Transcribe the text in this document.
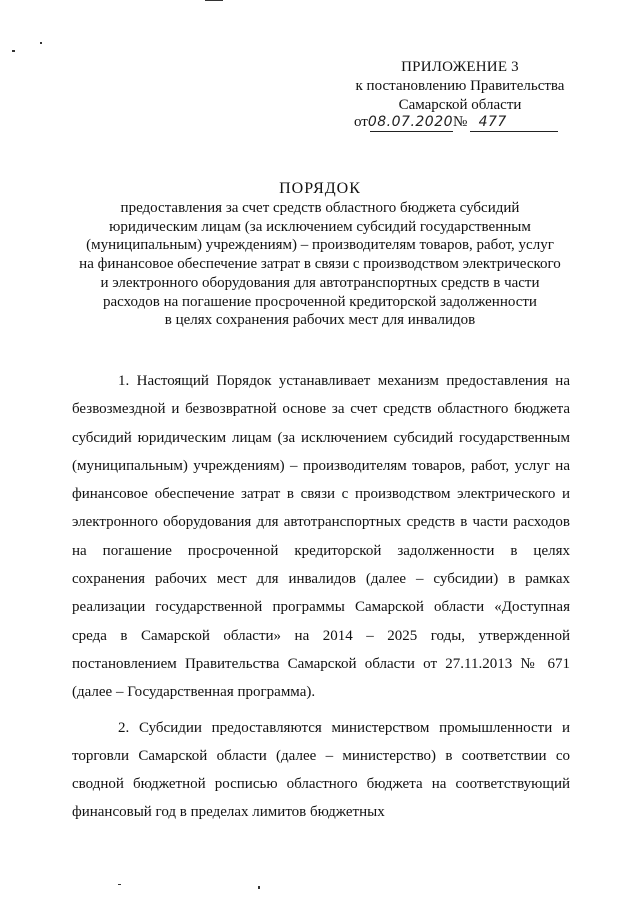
ПРИЛОЖЕНИЕ 3
к постановлению Правительства
Самарской области
от08.07.2020№ 477
ПОРЯДОК
предоставления за счет средств областного бюджета субсидий
юридическим лицам (за исключением субсидий государственным
(муниципальным) учреждениям) – производителям товаров, работ, услуг
на финансовое обеспечение затрат в связи с производством электрического
и электронного оборудования для автотранспортных средств в части
расходов на погашение просроченной кредиторской задолженности
в целях сохранения рабочих мест для инвалидов

1. Настоящий Порядок устанавливает механизм предоставления на безвозмездной и безвозвратной основе за счет средств областного бюджета субсидий юридическим лицам (за исключением субсидий государственным (муниципальным) учреждениям) – производителям товаров, работ, услуг на финансовое обеспечение затрат в связи с производством электрического и электронного оборудования для автотранспортных средств в части расходов на погашение просроченной кредиторской задолженности в целях сохранения рабочих мест для инвалидов (далее – субсидии) в рамках реализации государственной программы Самарской области «Доступная среда в Самарской области» на 2014 – 2025 годы, утвержденной постановлением Правительства Самарской области от 27.11.2013 № 671 (далее – Государственная программа).

2. Субсидии предоставляются министерством промышленности и торговли Самарской области (далее – министерство) в соответствии со сводной бюджетной росписью областного бюджета на соответствующий финансовый год в пределах лимитов бюджетных
